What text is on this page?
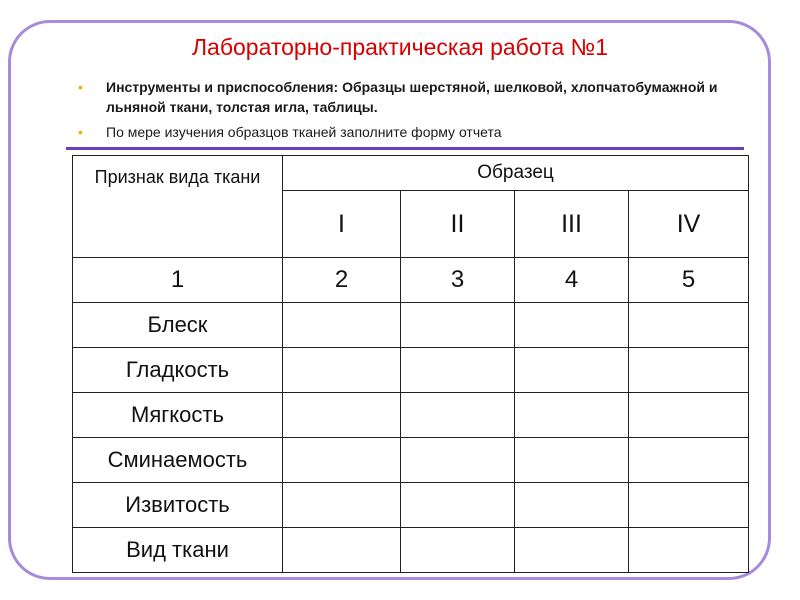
Лабораторно-практическая работа №1
• Инструменты и приспособления: Образцы шерстяной, шелковой, хлопчатобумажной и льняной ткани, толстая игла, таблицы.
• По мере изучения образцов тканей заполните форму отчета
Признак вида ткани	Образец			
	I	II	III	IV
1	2	3	4	5
Блеск				
Гладкость				
Мягкость				
Сминаемость				
Извитость				
Вид ткани				
